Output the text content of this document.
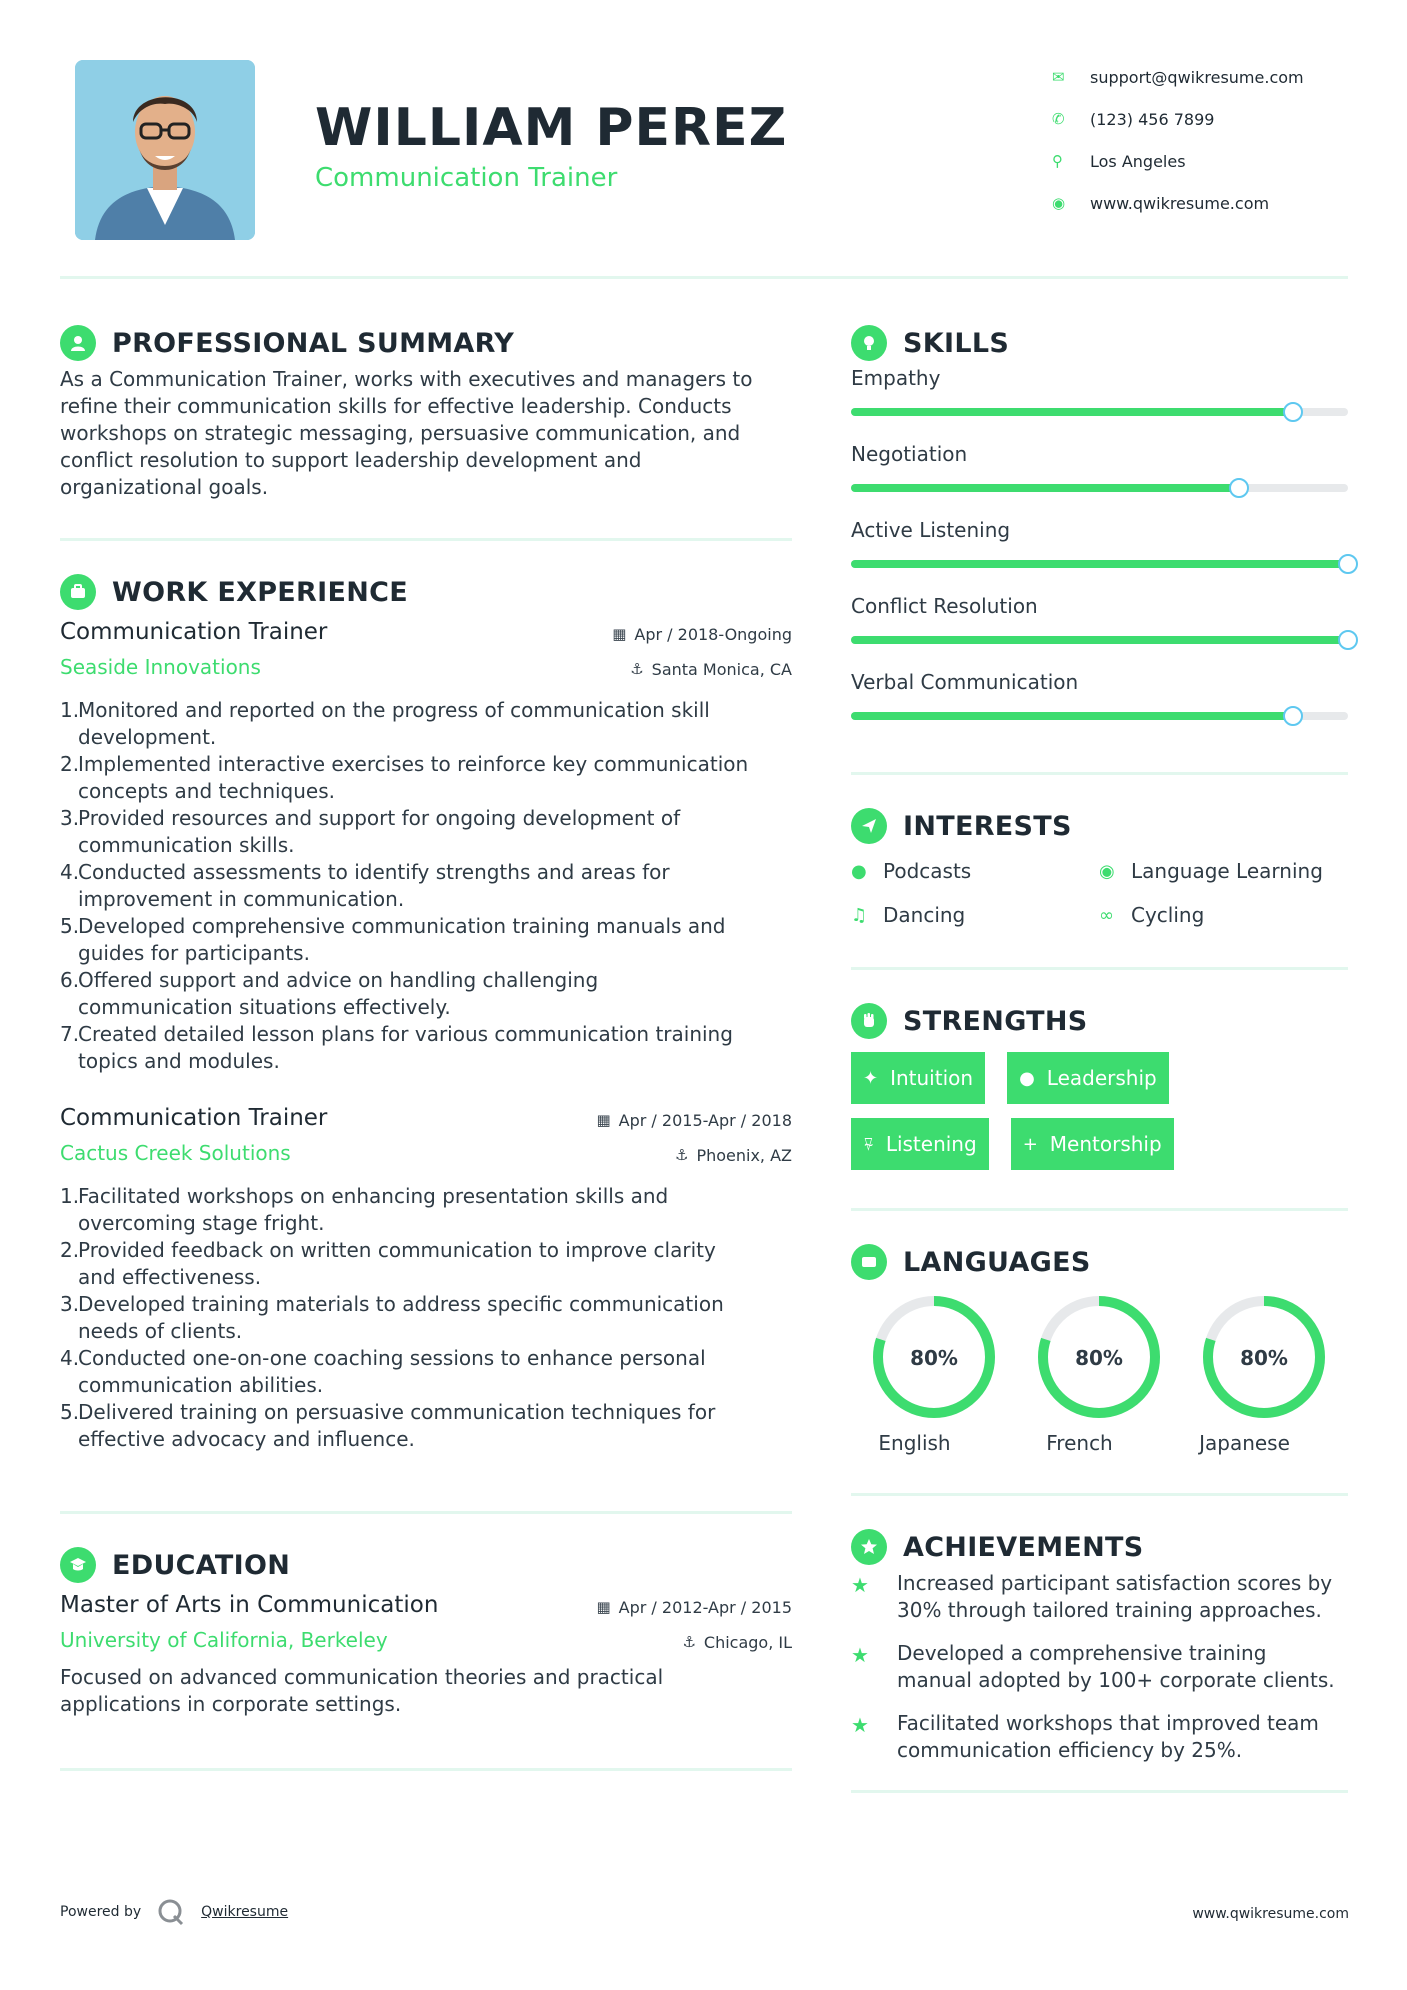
WILLIAM PEREZ
Communication Trainer
✉	support@qwikresume.com
✆	(123) 456 7899
⚲	Los Angeles
◉	www.qwikresume.com
PROFESSIONAL SUMMARY
As a Communication Trainer, works with executives and managers to
refine their communication skills for effective leadership. Conducts
workshops on strategic messaging, persuasive communication, and
conflict resolution to support leadership development and
organizational goals.
WORK EXPERIENCE
Communication Trainer	▦ Apr / 2018-Ongoing
Seaside Innovations	⚓ Santa Monica, CA
1.
Monitored and reported on the progress of communication skill
development.
2.
Implemented interactive exercises to reinforce key communication
concepts and techniques.
3.
Provided resources and support for ongoing development of
communication skills.
4.
Conducted assessments to identify strengths and areas for
improvement in communication.
5.
Developed comprehensive communication training manuals and
guides for participants.
6.
Offered support and advice on handling challenging
communication situations effectively.
7.
Created detailed lesson plans for various communication training
topics and modules.
Communication Trainer	▦ Apr / 2015-Apr / 2018
Cactus Creek Solutions	⚓ Phoenix, AZ
1.
Facilitated workshops on enhancing presentation skills and
overcoming stage fright.
2.
Provided feedback on written communication to improve clarity
and effectiveness.
3.
Developed training materials to address specific communication
needs of clients.
4.
Conducted one-on-one coaching sessions to enhance personal
communication abilities.
5.
Delivered training on persuasive communication techniques for
effective advocacy and influence.
EDUCATION
Master of Arts in Communication	▦ Apr / 2012-Apr / 2015
University of California, Berkeley	⚓ Chicago, IL
Focused on advanced communication theories and practical
applications in corporate settings.
SKILLS
Empathy
Negotiation
Active Listening
Conflict Resolution
Verbal Communication
INTERESTS
● Podcasts	◉ Language Learning
♫ Dancing	∞ Cycling
STRENGTHS
✦ Intuition	● Leadership
⍫ Listening	+ Mentorship
LANGUAGES
80%
English
80%
French
80%
Japanese
ACHIEVEMENTS
★	Increased participant satisfaction scores by
30% through tailored training approaches.
★	Developed a comprehensive training
manual adopted by 100+ corporate clients.
★	Facilitated workshops that improved team
communication efficiency by 25%.
Powered by	Qwikresume	www.qwikresume.com
